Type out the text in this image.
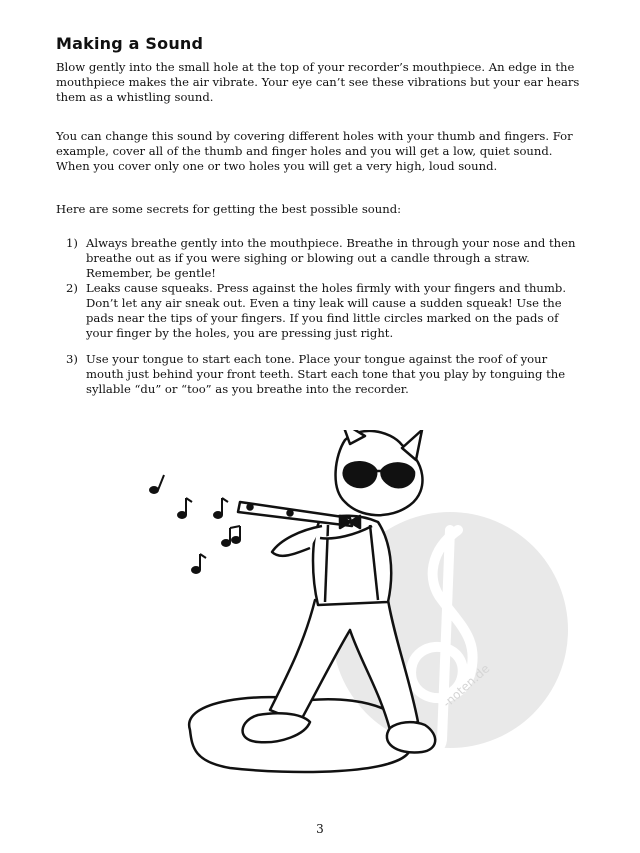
Making a Sound

Blow gently into the small hole at the top of your recorder’s mouthpiece. An edge in the mouthpiece makes the air vibrate. Your eye can’t see these vibrations but your ear hears them as a whistling sound.

You can change this sound by covering different holes with your thumb and fingers. For example, cover all of the thumb and finger holes and you will get a low, quiet sound. When you cover only one or two holes you will get a very high, loud sound.

Here are some secrets for getting the best possible sound:

1) Always breathe gently into the mouthpiece. Breathe in through your nose and then breathe out as if you were sighing or blowing out a candle through a straw. Remember, be gentle!
2) Leaks cause squeaks. Press against the holes firmly with your fingers and thumb. Don’t let any air sneak out. Even a tiny leak will cause a sudden squeak! Use the pads near the tips of your fingers. If you find little circles marked on the pads of your finger by the holes, you are pressing just right.
3) Use your tongue to start each tone. Place your tongue against the roof of your mouth just behind your front teeth. Start each tone that you play by tonguing the syllable “du” or “too” as you breathe into the recorder.
-noten.de
3
